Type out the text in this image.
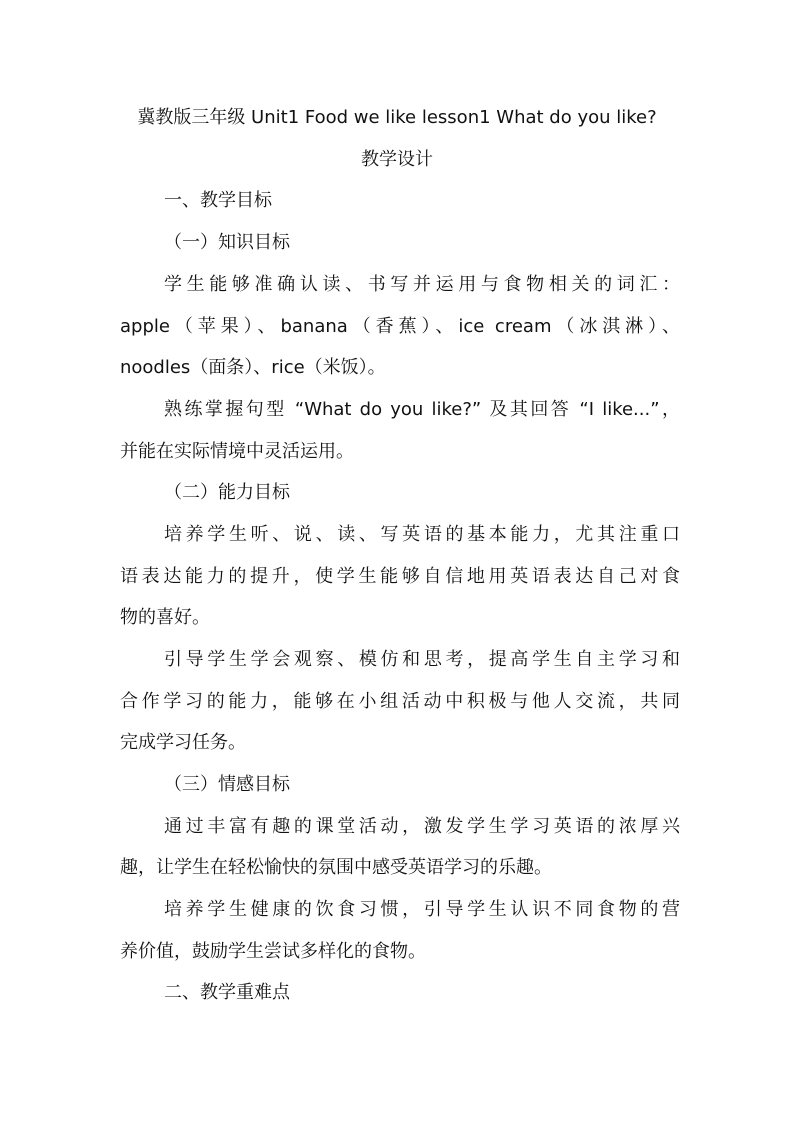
冀教版三年级 Unit1 Food we like lesson1 What do you like?
教学设计
一、教学目标
（一）知识目标
学生能够准确认读、书写并运用与食物相关的词汇：
apple（苹果）、banana（香蕉）、ice cream（冰淇淋）、
noodles（面条）、rice（米饭）。
熟练掌握句型 “What do you like?” 及其回答 “I like...”，
并能在实际情境中灵活运用。
（二）能力目标
培养学生听、说、读、写英语的基本能力，尤其注重口
语表达能力的提升，使学生能够自信地用英语表达自己对食
物的喜好。
引导学生学会观察、模仿和思考，提高学生自主学习和
合作学习的能力，能够在小组活动中积极与他人交流，共同
完成学习任务。
（三）情感目标
通过丰富有趣的课堂活动，激发学生学习英语的浓厚兴
趣，让学生在轻松愉快的氛围中感受英语学习的乐趣。
培养学生健康的饮食习惯，引导学生认识不同食物的营
养价值，鼓励学生尝试多样化的食物。
二、教学重难点
